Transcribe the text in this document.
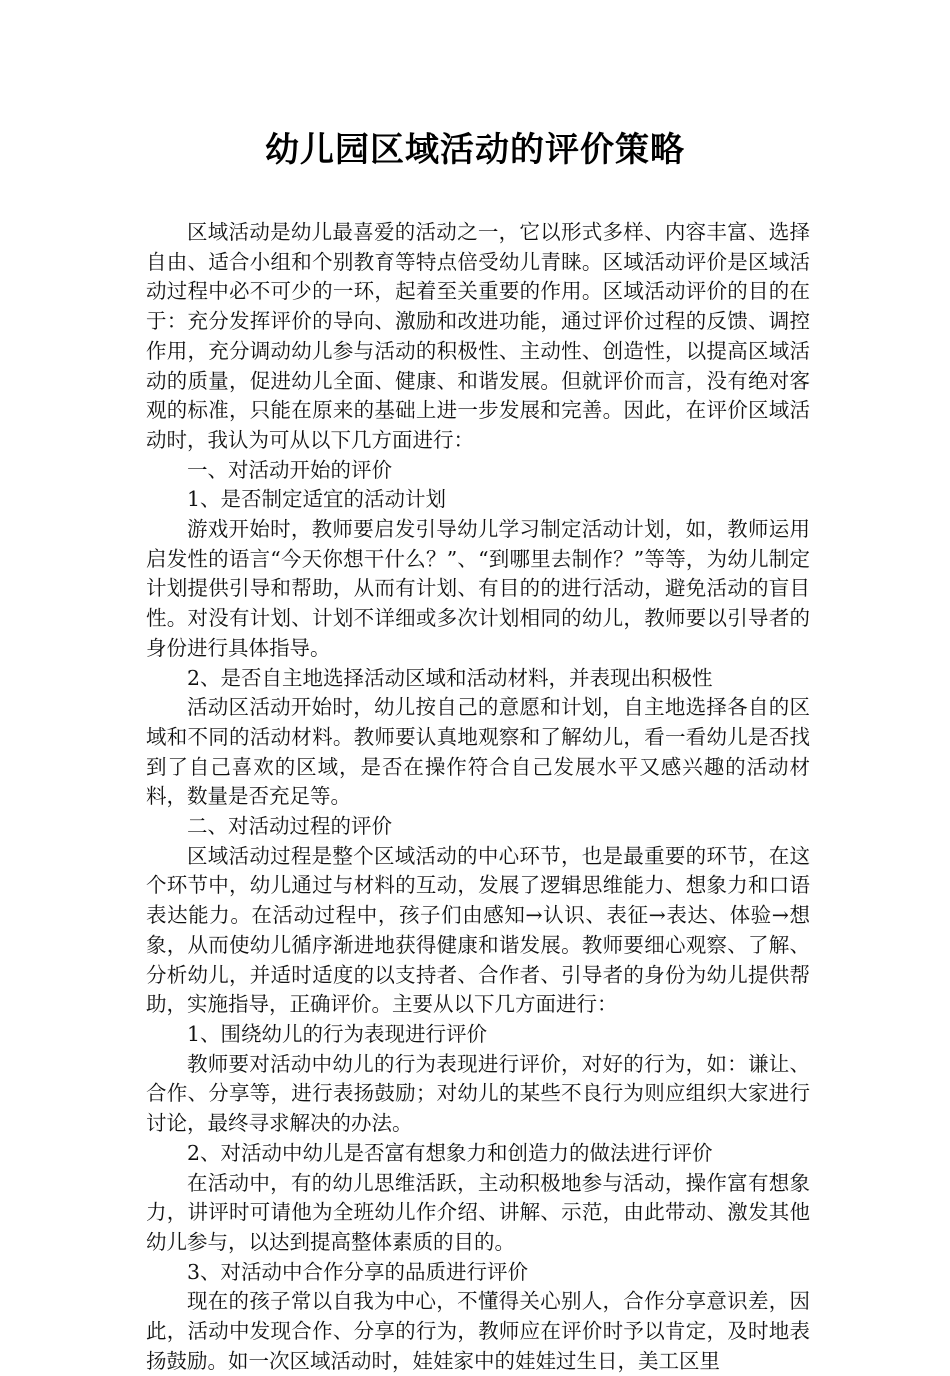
幼儿园区域活动的评价策略

区域活动是幼儿最喜爱的活动之一，它以形式多样、内容丰富、选择自由、适合小组和个别教育等特点倍受幼儿青睐。区域活动评价是区域活动过程中必不可少的一环，起着至关重要的作用。区域活动评价的目的在于：充分发挥评价的导向、激励和改进功能，通过评价过程的反馈、调控作用，充分调动幼儿参与活动的积极性、主动性、创造性，以提高区域活动的质量，促进幼儿全面、健康、和谐发展。但就评价而言，没有绝对客观的标准，只能在原来的基础上进一步发展和完善。因此，在评价区域活动时，我认为可从以下几方面进行：

一、对活动开始的评价

1、是否制定适宜的活动计划

游戏开始时，教师要启发引导幼儿学习制定活动计划，如，教师运用启发性的语言“今天你想干什么？”、“到哪里去制作？”等等，为幼儿制定计划提供引导和帮助，从而有计划、有目的的进行活动，避免活动的盲目性。对没有计划、计划不详细或多次计划相同的幼儿，教师要以引导者的身份进行具体指导。

2、是否自主地选择活动区域和活动材料，并表现出积极性

活动区活动开始时，幼儿按自己的意愿和计划，自主地选择各自的区域和不同的活动材料。教师要认真地观察和了解幼儿，看一看幼儿是否找到了自己喜欢的区域，是否在操作符合自己发展水平又感兴趣的活动材料，数量是否充足等。

二、对活动过程的评价

区域活动过程是整个区域活动的中心环节，也是最重要的环节，在这个环节中，幼儿通过与材料的互动，发展了逻辑思维能力、想象力和口语表达能力。在活动过程中，孩子们由感知→认识、表征→表达、体验→想象，从而使幼儿循序渐进地获得健康和谐发展。教师要细心观察、了解、分析幼儿，并适时适度的以支持者、合作者、引导者的身份为幼儿提供帮助，实施指导，正确评价。主要从以下几方面进行：

1、围绕幼儿的行为表现进行评价

教师要对活动中幼儿的行为表现进行评价，对好的行为，如：谦让、合作、分享等，进行表扬鼓励；对幼儿的某些不良行为则应组织大家进行讨论，最终寻求解决的办法。

2、对活动中幼儿是否富有想象力和创造力的做法进行评价

在活动中，有的幼儿思维活跃，主动积极地参与活动，操作富有想象力，讲评时可请他为全班幼儿作介绍、讲解、示范，由此带动、激发其他幼儿参与，以达到提高整体素质的目的。

3、对活动中合作分享的品质进行评价

现在的孩子常以自我为中心，不懂得关心别人，合作分享意识差，因此，活动中发现合作、分享的行为，教师应在评价时予以肯定，及时地表扬鼓励。如一次区域活动时，娃娃家中的娃娃过生日，美工区里
